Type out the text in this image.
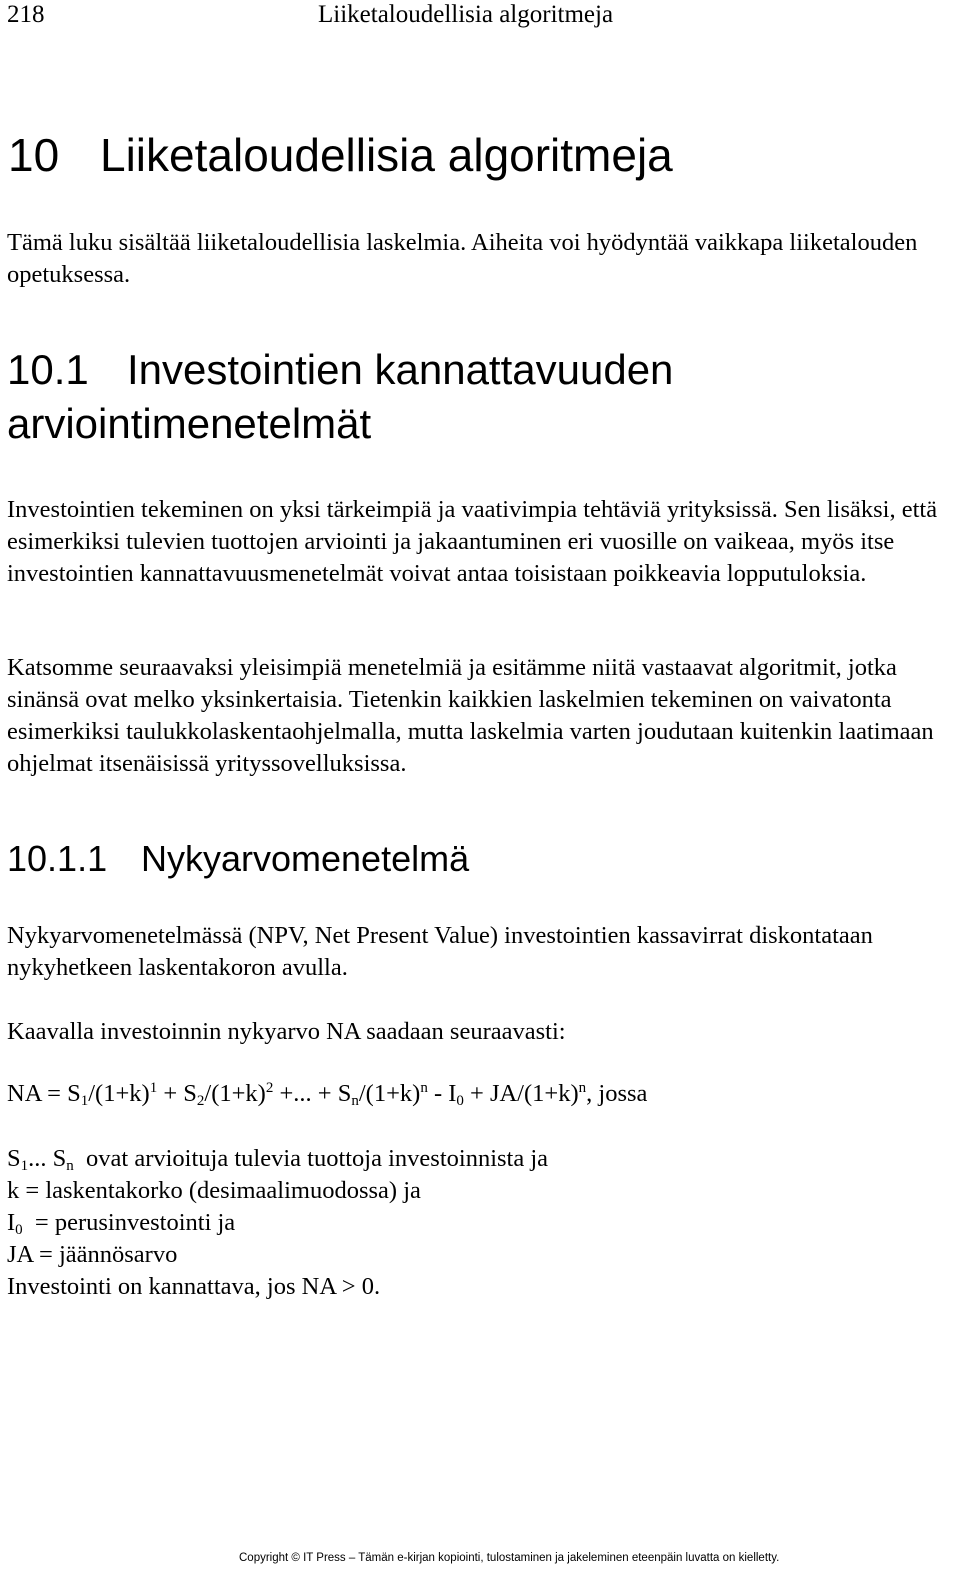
218	Liiketaloudellisia algoritmeja
10 Liiketaloudellisia algoritmeja

Tämä luku sisältää liiketaloudellisia laskelmia. Aiheita voi hyödyntää vaikkapa liiketalouden opetuksessa.

10.1 Investointien kannattavuuden arviointimenetelmät

Investointien tekeminen on yksi tärkeimpiä ja vaativimpia tehtäviä yrityksissä. Sen lisäksi, että esimerkiksi tulevien tuottojen arviointi ja jakaantuminen eri vuosille on vaikeaa, myös itse investointien kannattavuusmenetelmät voivat antaa toisistaan poikkeavia lopputuloksia.

Katsomme seuraavaksi yleisimpiä menetelmiä ja esitämme niitä vastaavat algoritmit, jotka sinänsä ovat melko yksinkertaisia. Tietenkin kaikkien laskelmien tekeminen on vaivatonta esimerkiksi taulukkolaskentaohjelmalla, mutta laskelmia varten joudutaan kuitenkin laatimaan ohjelmat itsenäisissä yrityssovelluksissa.

10.1.1 Nykyarvomenetelmä

Nykyarvomenetelmässä (NPV, Net Present Value) investointien kassavirrat diskontataan nykyhetkeen laskentakoron avulla.

Kaavalla investoinnin nykyarvo NA saadaan seuraavasti:

NA = $S_1/(1+k)^1 + S_2/(1+k)^2$ +... + $S_n/(1+k)^n - I_0 + JA/(1+k)^n$, jossa
$S_1$... $S_n$  ovat arvioituja tulevia tuottoja investoinnista ja
k = laskentakorko (desimaalimuodossa) ja
$I_0$  = perusinvestointi ja
JA = jäännösarvo
Investointi on kannattava, jos NA > 0.
Copyright © IT Press – Tämän e-kirjan kopiointi, tulostaminen ja jakeleminen eteenpäin luvatta on kielletty.
